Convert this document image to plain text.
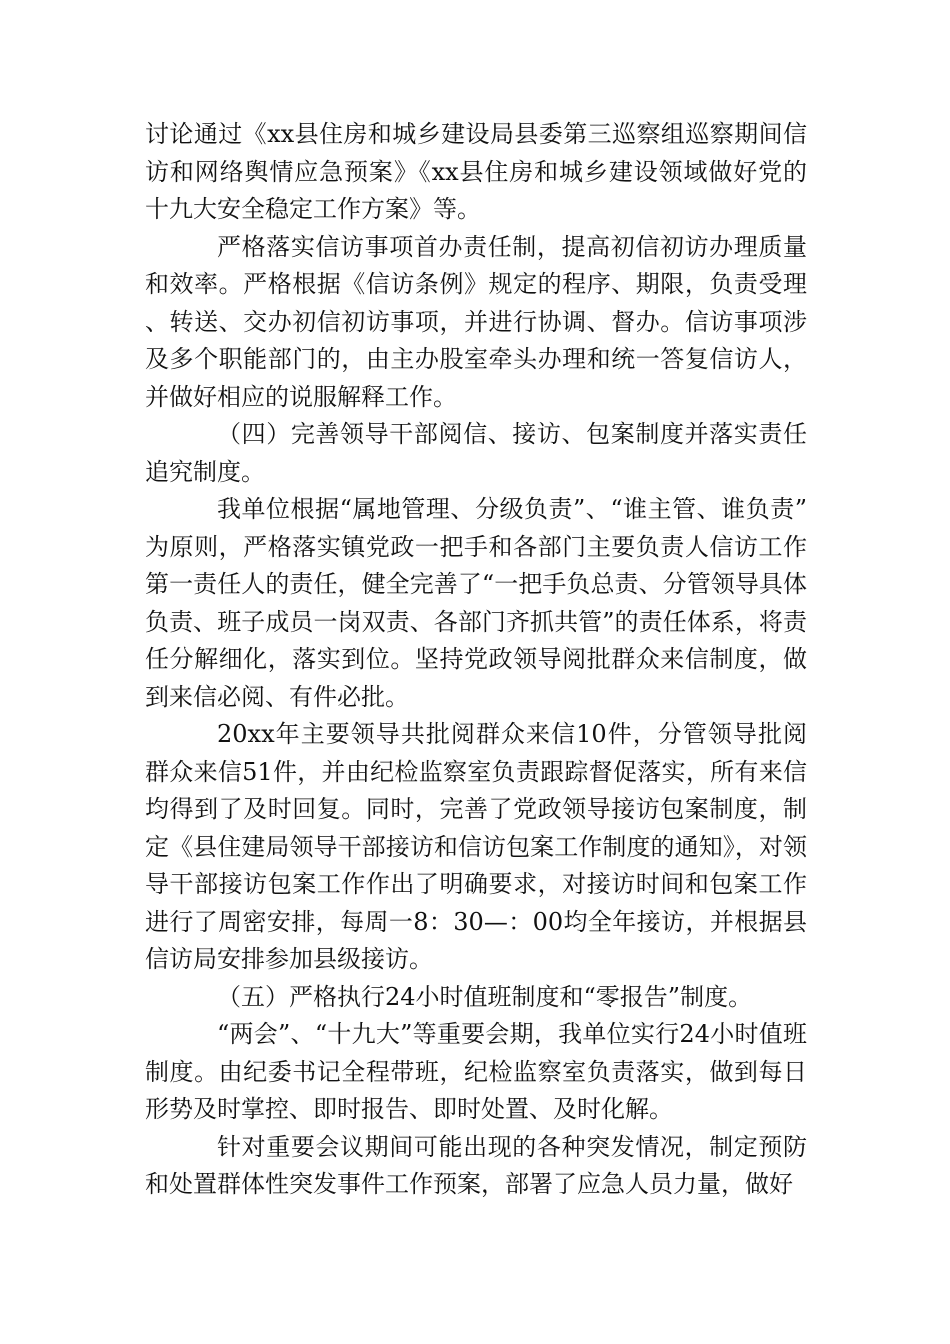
讨论通过《xx县住房和城乡建设局县委第三巡察组巡察期间信访和网络舆情应急预案》《xx县住房和城乡建设领域做好党的十九大安全稳定工作方案》等。

严格落实信访事项首办责任制，提高初信初访办理质量和效率。严格根据《信访条例》规定的程序、期限，负责受理、转送、交办初信初访事项，并进行协调、督办。信访事项涉及多个职能部门的，由主办股室牵头办理和统一答复信访人，并做好相应的说服解释工作。

（四）完善领导干部阅信、接访、包案制度并落实责任追究制度。

我单位根据“属地管理、分级负责”、“谁主管、谁负责”为原则，严格落实镇党政一把手和各部门主要负责人信访工作第一责任人的责任，健全完善了“一把手负总责、分管领导具体负责、班子成员一岗双责、各部门齐抓共管”的责任体系，将责任分解细化，落实到位。坚持党政领导阅批群众来信制度，做到来信必阅、有件必批。

20xx年主要领导共批阅群众来信10件，分管领导批阅群众来信51件，并由纪检监察室负责跟踪督促落实，所有来信均得到了及时回复。同时，完善了党政领导接访包案制度，制定《县住建局领导干部接访和信访包案工作制度的通知》，对领导干部接访包案工作作出了明确要求，对接访时间和包案工作进行了周密安排，每周一8：30—：00均全年接访，并根据县信访局安排参加县级接访。

（五）严格执行24小时值班制度和“零报告”制度。

“两会”、“十九大”等重要会期，我单位实行24小时值班制度。由纪委书记全程带班，纪检监察室负责落实，做到每日形势及时掌控、即时报告、即时处置、及时化解。

针对重要会议期间可能出现的各种突发情况，制定预防和处置群体性突发事件工作预案，部署了应急人员力量，做好
